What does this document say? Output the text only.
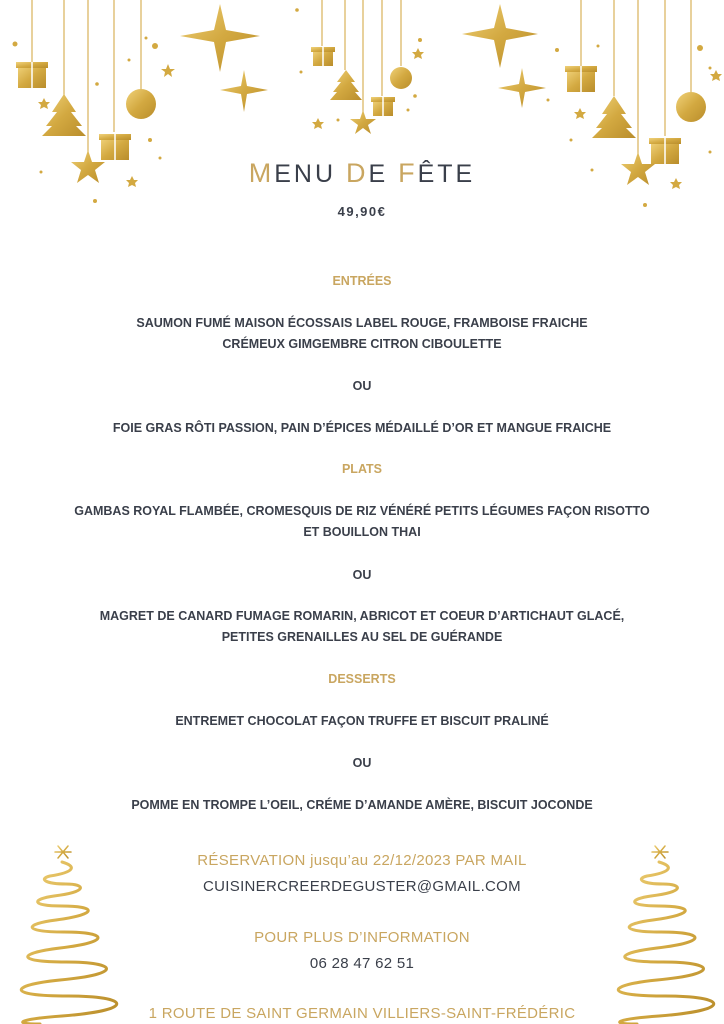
MENU DE FÊTE
49,90€
ENTRÉES
SAUMON FUMÉ MAISON ÉCOSSAIS LABEL ROUGE, FRAMBOISE FRAICHE
CRÉMEUX GIMGEMBRE CITRON CIBOULETTE
OU
FOIE GRAS RÔTI PASSION, PAIN D’ÉPICES MÉDAILLÉ D’OR ET MANGUE FRAICHE
PLATS
GAMBAS ROYAL FLAMBÉE, CROMESQUIS DE RIZ VÉNÉRÉ PETITS LÉGUMES FAÇON RISOTTO
ET BOUILLON THAI
OU
MAGRET DE CANARD FUMAGE ROMARIN, ABRICOT ET COEUR D’ARTICHAUT GLACÉ,
PETITES GRENAILLES AU SEL DE GUÉRANDE
DESSERTS
ENTREMET CHOCOLAT FAÇON TRUFFE ET BISCUIT PRALINÉ
OU
POMME EN TROMPE L’OEIL, CRÉME D’AMANDE AMÈRE, BISCUIT JOCONDE
RÉSERVATION jusqu’au 22/12/2023 PAR MAIL
CUISINERCREERDEGUSTER@GMAIL.COM
POUR PLUS D’INFORMATION
06 28 47 62 51
1 ROUTE DE SAINT GERMAIN VILLIERS-SAINT-FRÉDÉRIC
